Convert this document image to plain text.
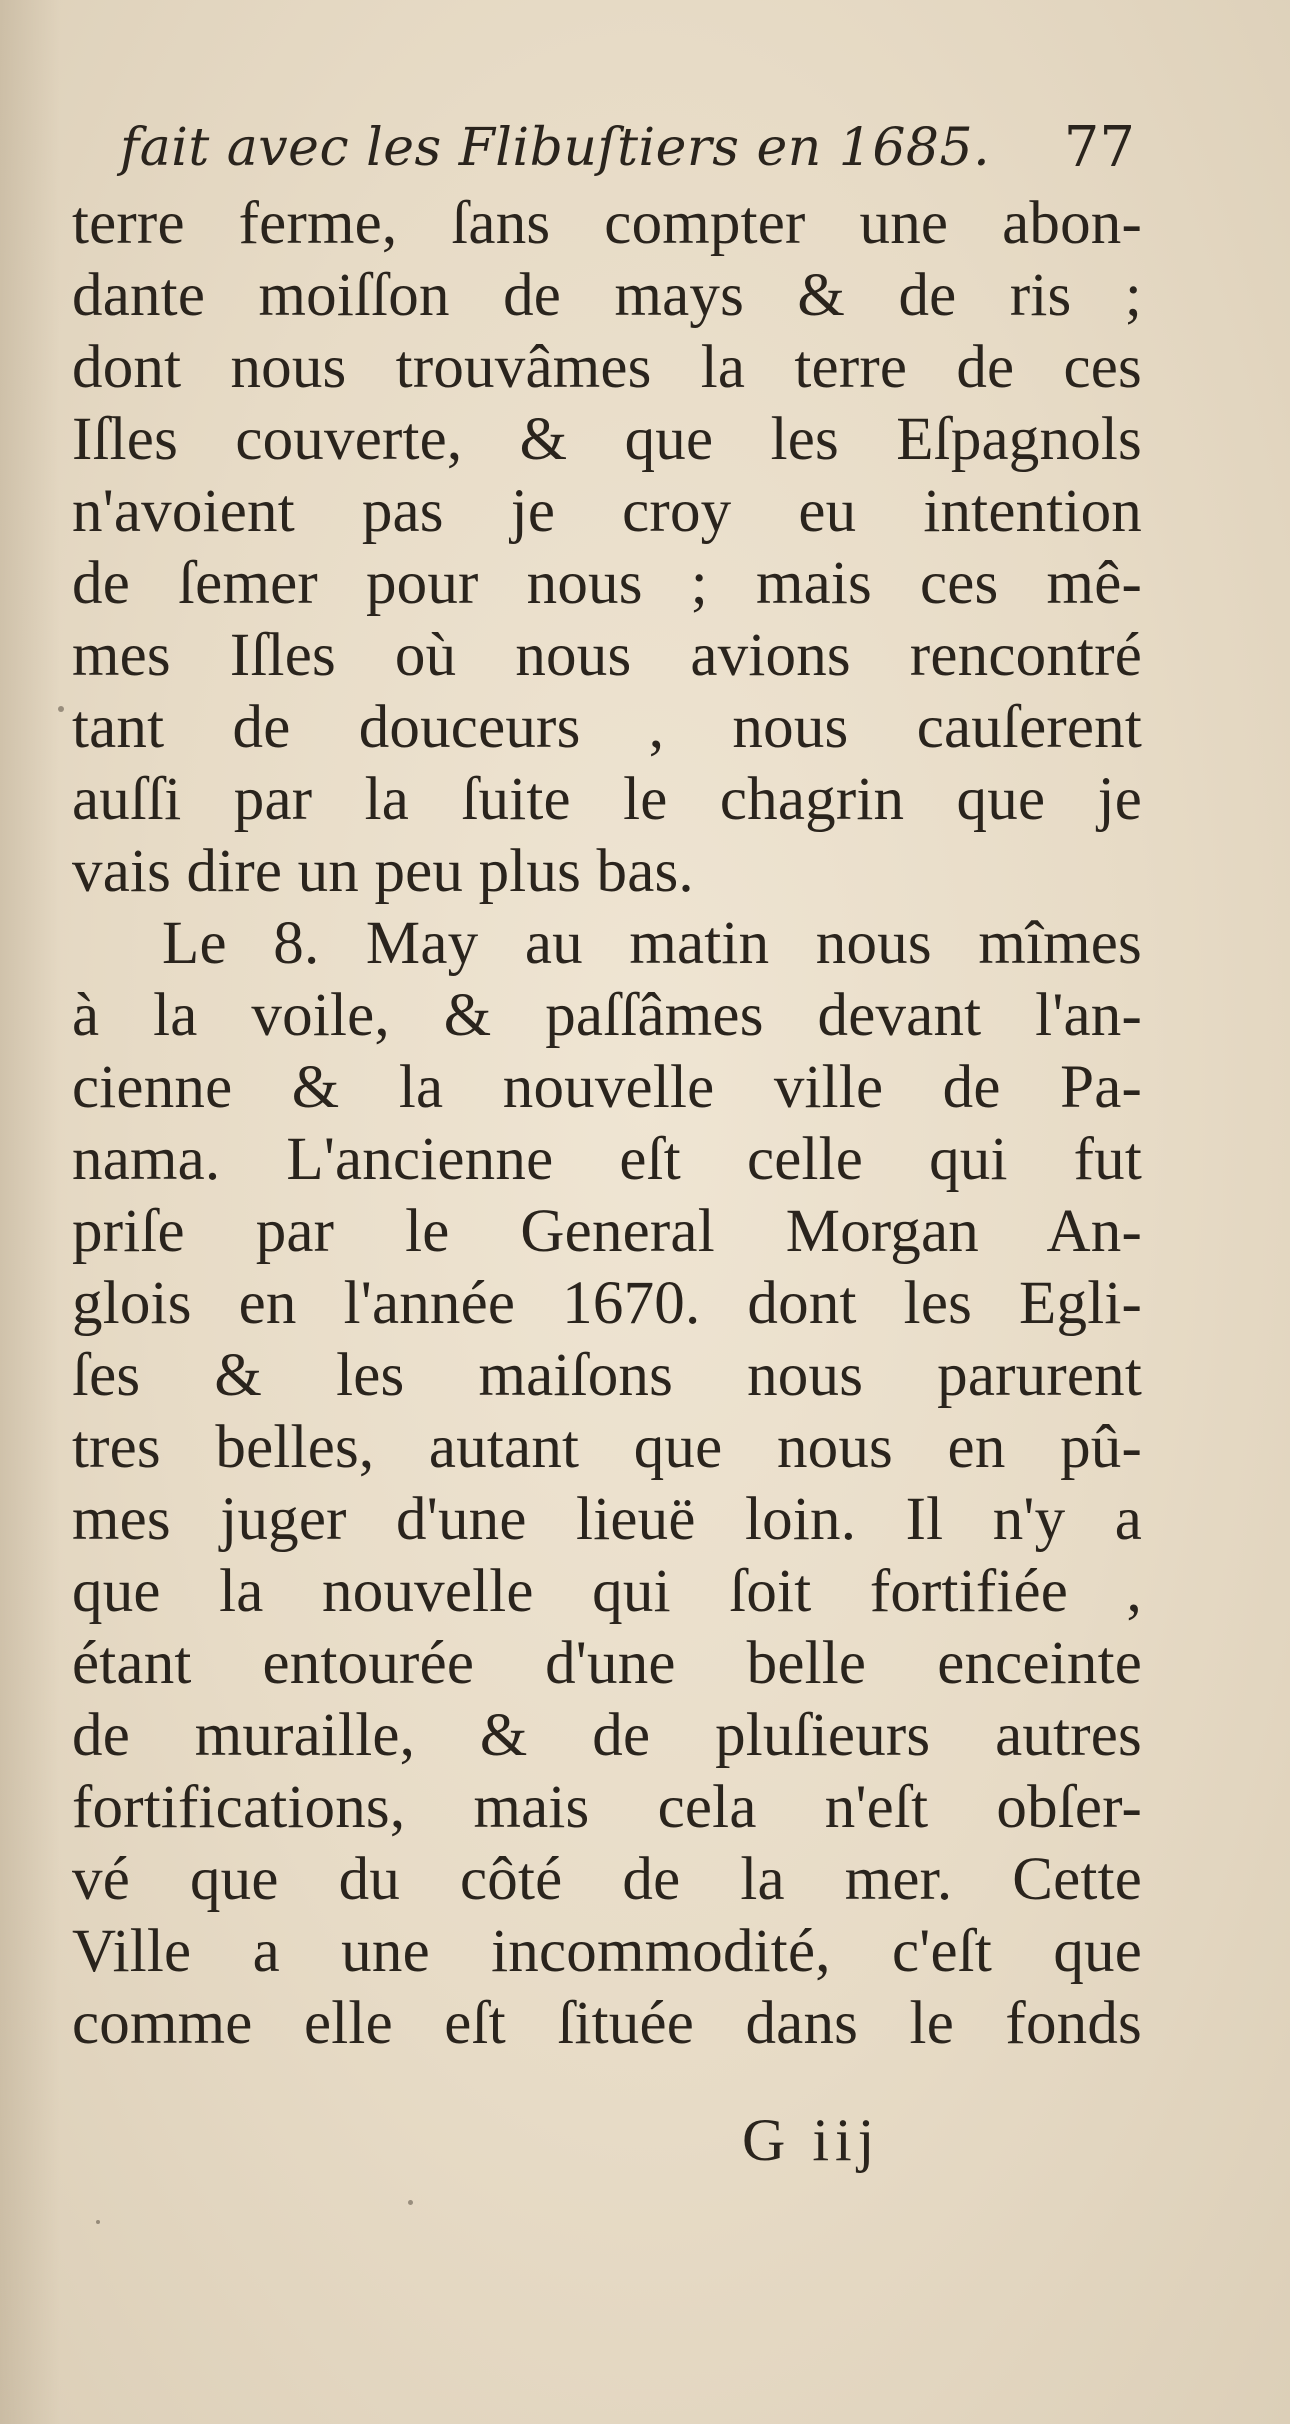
fait avec les Flibuſtiers en 1685. 77
terre ferme, ſans compter une abon-
dante moiſſon de mays & de ris ;
dont nous trouvâmes la terre de ces
Iſles couverte, & que les Eſpagnols
n'avoient pas je croy eu intention
de ſemer pour nous ; mais ces mê-
mes Iſles où nous avions rencontré
tant de douceurs , nous cauſerent
auſſi par la ſuite le chagrin que je
vais dire un peu plus bas.
Le 8. May au matin nous mîmes
à la voile, & paſſâmes devant l'an-
cienne & la nouvelle ville de Pa-
nama. L'ancienne eſt celle qui fut
priſe par le General Morgan An-
glois en l'année 1670. dont les Egli-
ſes & les maiſons nous parurent
tres belles, autant que nous en pû-
mes juger d'une lieuë loin. Il n'y a
que la nouvelle qui ſoit fortifiée ,
étant entourée d'une belle enceinte
de muraille, & de pluſieurs autres
fortifications, mais cela n'eſt obſer-
vé que du côté de la mer. Cette
Ville a une incommodité, c'eſt que
comme elle eſt ſituée dans le fonds
G iij
